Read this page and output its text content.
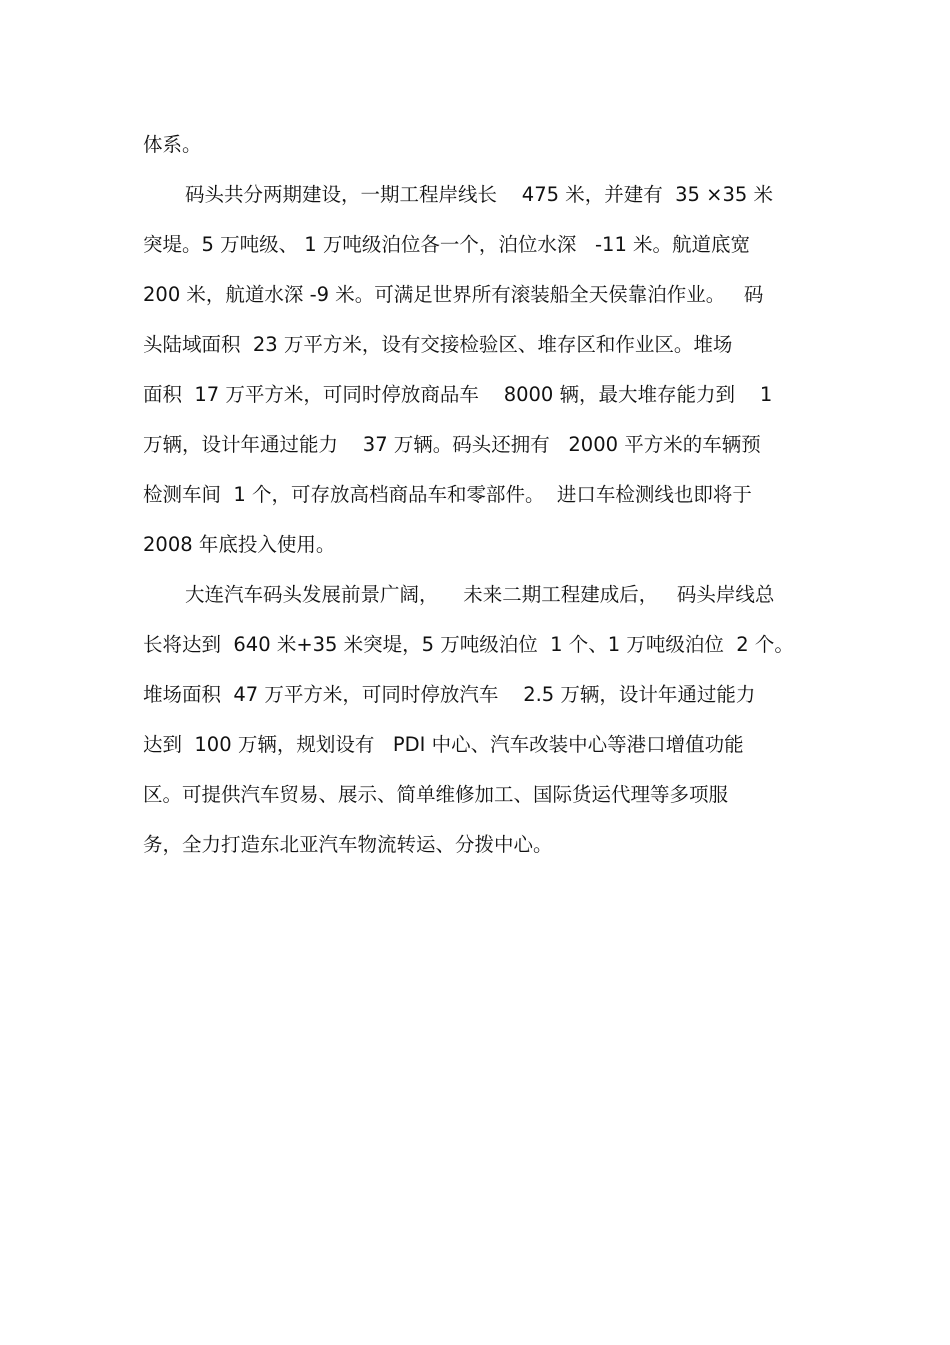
体系。
码头共分两期建设，一期工程岸线长    475 米，并建有  35 ×35 米
突堤。5 万吨级、 1 万吨级泊位各一个，泊位水深   -11 米。航道底宽
200 米，航道水深 -9 米。可满足世界所有滚装船全天侯靠泊作业。   码
头陆域面积  23 万平方米，设有交接检验区、堆存区和作业区。堆场
面积  17 万平方米，可同时停放商品车    8000 辆，最大堆存能力到    1
万辆，设计年通过能力    37 万辆。码头还拥有   2000 平方米的车辆预
检测车间  1 个，可存放高档商品车和零部件。  进口车检测线也即将于
2008 年底投入使用。
大连汽车码头发展前景广阔，    未来二期工程建成后，   码头岸线总
长将达到  640 米+35 米突堤，5 万吨级泊位  1 个、1 万吨级泊位  2 个。
堆场面积  47 万平方米，可同时停放汽车    2.5 万辆，设计年通过能力
达到  100 万辆，规划设有   PDI 中心、汽车改装中心等港口增值功能
区。可提供汽车贸易、展示、简单维修加工、国际货运代理等多项服
务，全力打造东北亚汽车物流转运、分拨中心。
